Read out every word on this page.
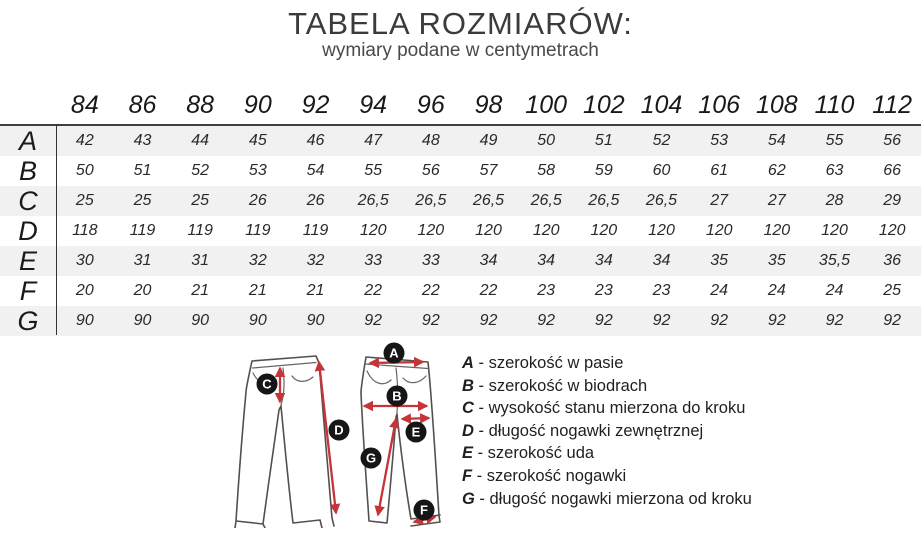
TABELA ROZMIARÓW:
wymiary podane w centymetrach
84	86	88	90	92	94	96	98 100 102 104 106 108 110 112
A	42	43	44	45	46	47	48	49	50	51	52	53	54	55	56
B	50	51	52	53	54	55	56	57	58	59	60	61	62	63	66
C	25	25	25	26	26	26,5	26,5	26,5	26,5	26,5	26,5	27	27	28	29
D	118	119	119	119	119	120	120	120	120	120	120	120	120	120	120
E	30	31	31	32	32	33	33	34	34	34	34	35	35	35,5	36
F	20	20	21	21	21	22	22	22	23	23	23	24	24	24	25
G	90	90	90	90	90	92	92	92	92	92	92	92	92	92	92
A
B
C
D	E
F
G
A - szerokość w pasie
B - szerokość w biodrach
C - wysokość stanu mierzona do kroku
D - długość nogawki zewnętrznej
E - szerokość uda
F - szerokość nogawki
G - długość nogawki mierzona od kroku
